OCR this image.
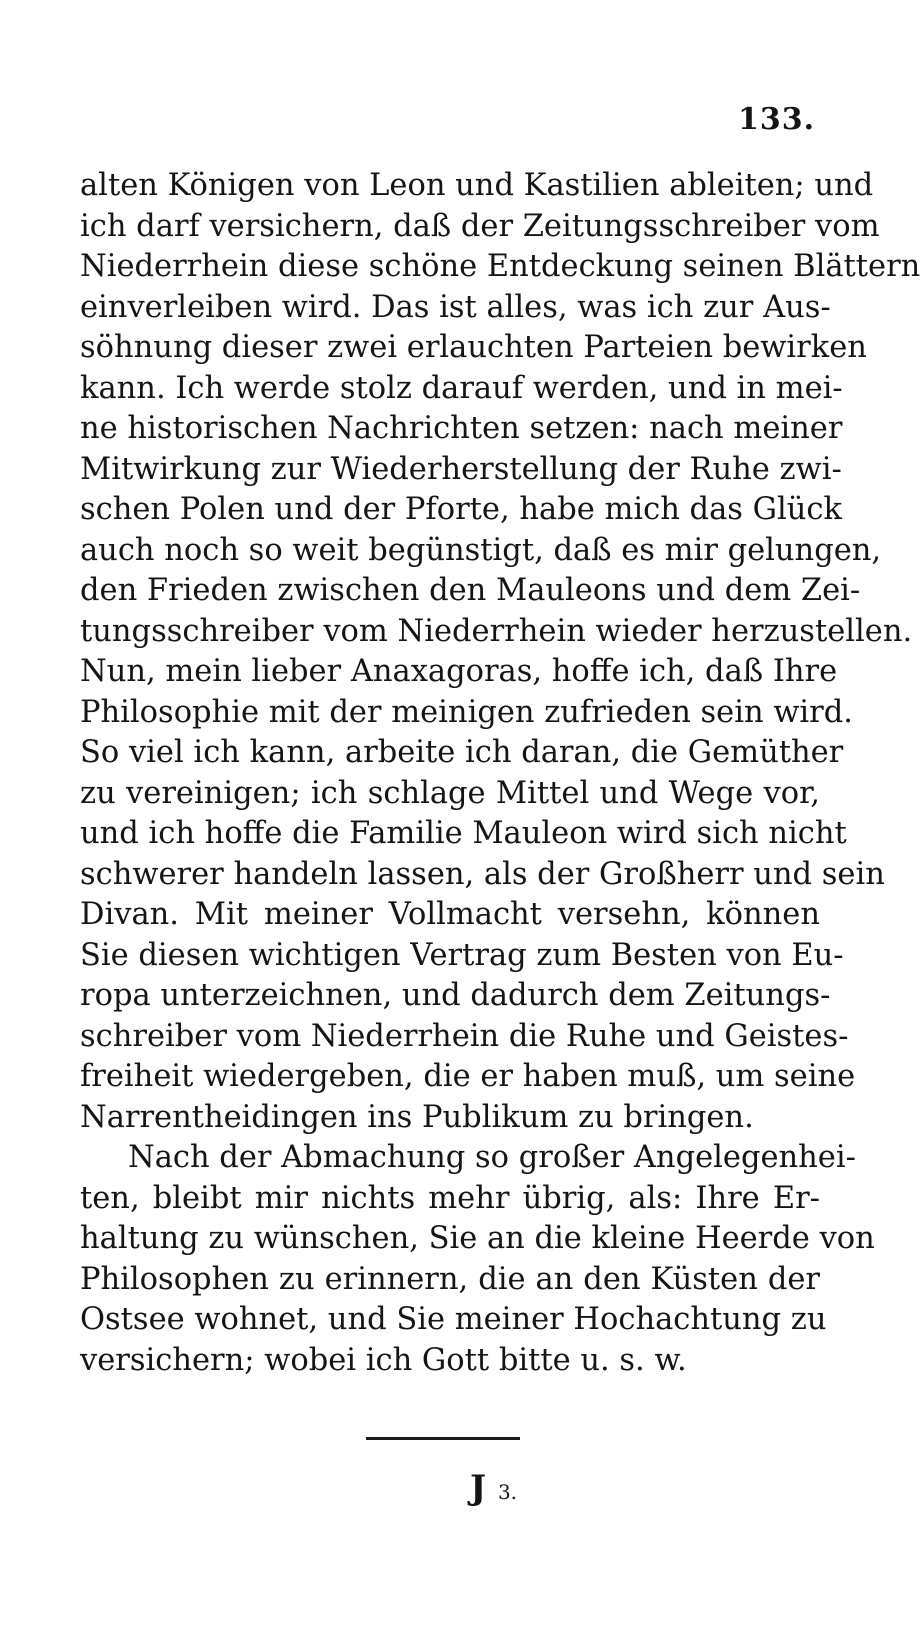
133.
alten Königen von Leon und Kastilien ableiten; und
ich darf versichern, daß der Zeitungsschreiber vom
Niederrhein diese schöne Entdeckung seinen Blättern
einverleiben wird. Das ist alles, was ich zur Aus-
söhnung dieser zwei erlauchten Parteien bewirken
kann. Ich werde stolz darauf werden, und in mei-
ne historischen Nachrichten setzen: nach meiner
Mitwirkung zur Wiederherstellung der Ruhe zwi-
schen Polen und der Pforte, habe mich das Glück
auch noch so weit begünstigt, daß es mir gelungen,
den Frieden zwischen den Mauleons und dem Zei-
tungsschreiber vom Niederrhein wieder herzustellen.
Nun, mein lieber Anaxagoras, hoffe ich, daß Ihre
Philosophie mit der meinigen zufrieden sein wird.
So viel ich kann, arbeite ich daran, die Gemüther
zu vereinigen; ich schlage Mittel und Wege vor,
und ich hoffe die Familie Mauleon wird sich nicht
schwerer handeln lassen, als der Großherr und sein
Divan. Mit meiner Vollmacht versehn, können
Sie diesen wichtigen Vertrag zum Besten von Eu-
ropa unterzeichnen, und dadurch dem Zeitungs-
schreiber vom Niederrhein die Ruhe und Geistes-
freiheit wiedergeben, die er haben muß, um seine
Narrentheidingen ins Publikum zu bringen.
Nach der Abmachung so großer Angelegenhei-
ten, bleibt mir nichts mehr übrig, als: Ihre Er-
haltung zu wünschen, Sie an die kleine Heerde von
Philosophen zu erinnern, die an den Küsten der
Ostsee wohnet, und Sie meiner Hochachtung zu
versichern; wobei ich Gott bitte u. s. w.
J 3.
